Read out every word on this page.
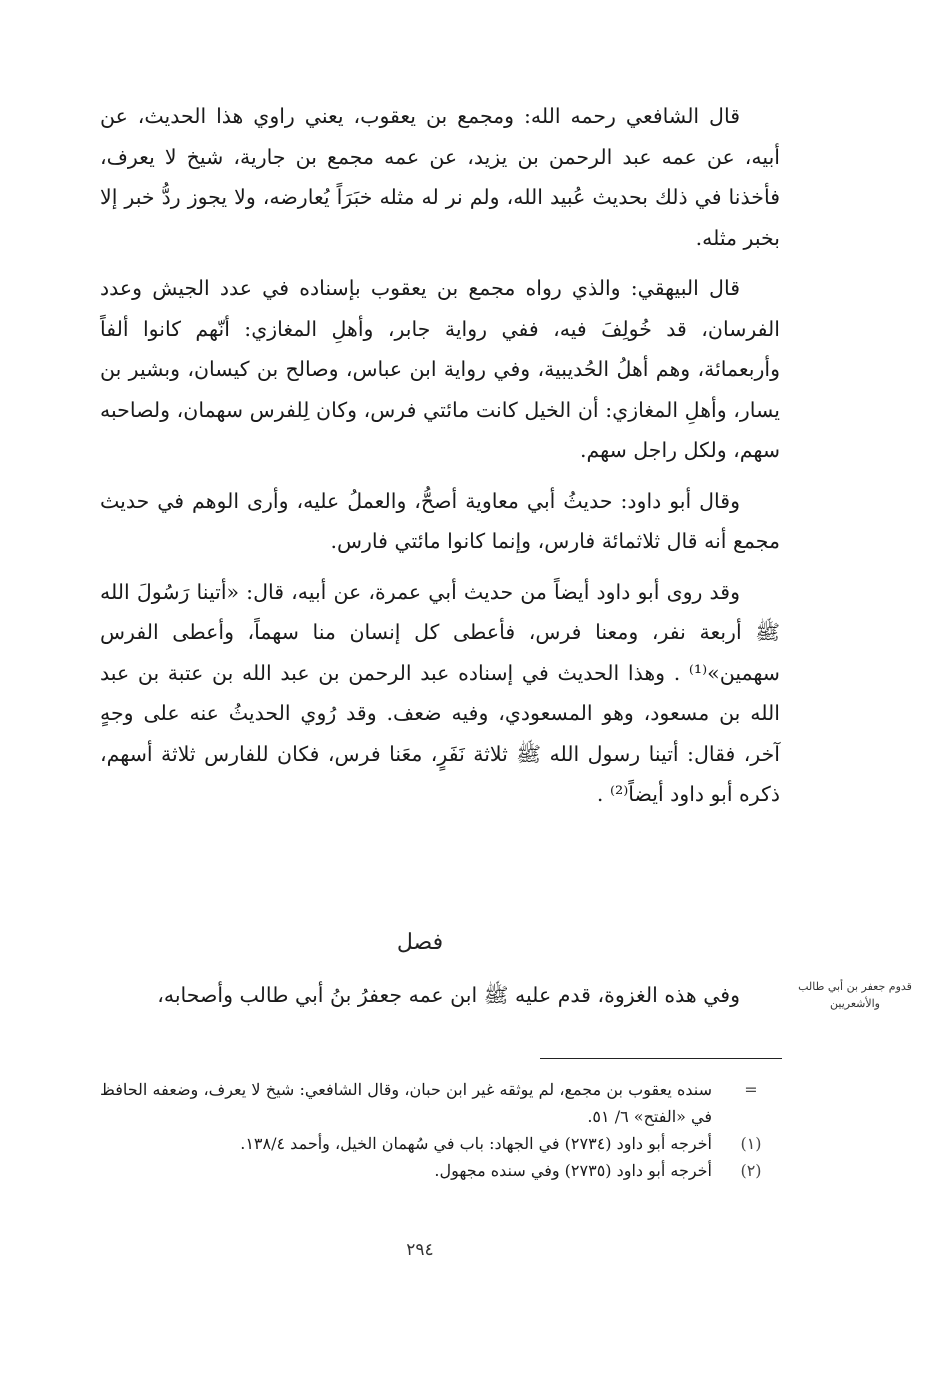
قال الشافعي رحمه الله: ومجمع بن يعقوب، يعني راوي هذا الحديث، عن أبيه، عن عمه عبد الرحمن بن يزيد، عن عمه مجمع بن جارية، شيخ لا يعرف، فأخذنا في ذلك بحديث عُبيد الله، ولم نر له مثله خبَرَاً يُعارضه، ولا يجوز ردُّ خبر إلا بخبر مثله.

قال البيهقي: والذي رواه مجمع بن يعقوب بإسناده في عدد الجيش وعدد الفرسان، قد خُولِفَ فيه، ففي رواية جابر، وأهلِ المغازي: أنّهم كانوا ألفاً وأربعمائة، وهم أهلُ الحُديبية، وفي رواية ابن عباس، وصالح بن كيسان، وبشير بن يسار، وأهلِ المغازي: أن الخيل كانت مائتي فرس، وكان لِلفرس سهمان، ولصاحبه سهم، ولكل راجل سهم.

وقال أبو داود: حديثُ أبي معاوية أصحُّ، والعملُ عليه، وأرى الوهم في حديث مجمع أنه قال ثلاثمائة فارس، وإنما كانوا مائتي فارس.

وقد روى أبو داود أيضاً من حديث أبي عمرة، عن أبيه، قال: «أتينا رَسُولَ الله ﷺ أربعة نفر، ومعنا فرس، فأعطى كل إنسان منا سهماً، وأعطى الفرس سهمين»⁽¹⁾ . وهذا الحديث في إسناده عبد الرحمن بن عبد الله بن عتبة بن عبد الله بن مسعود، وهو المسعودي، وفيه ضعف. وقد رُوي الحديثُ عنه على وجهٍ آخر، فقال: أتينا رسول الله ﷺ ثلاثة نَفَرٍ، معَنا فرس، فكان للفارس ثلاثة أسهم، ذكره أبو داود أيضاً⁽²⁾ .

فصل
وفي هذه الغزوة، قدم عليه ﷺ ابن عمه جعفرُ بنُ أبي طالب وأصحابه،	قدوم جعفر بن أبي طالب والأشعريين
=
سنده يعقوب بن مجمع، لم يوثقه غير ابن حبان، وقال الشافعي: شيخ لا يعرف، وضعفه الحافظ في «الفتح» ٦/ ٥١.
(١)
أخرجه أبو داود (٢٧٣٤) في الجهاد: باب في سُهمان الخيل، وأحمد ١٣٨/٤.
(٢)
أخرجه أبو داود (٢٧٣٥) وفي سنده مجهول.
٢٩٤
